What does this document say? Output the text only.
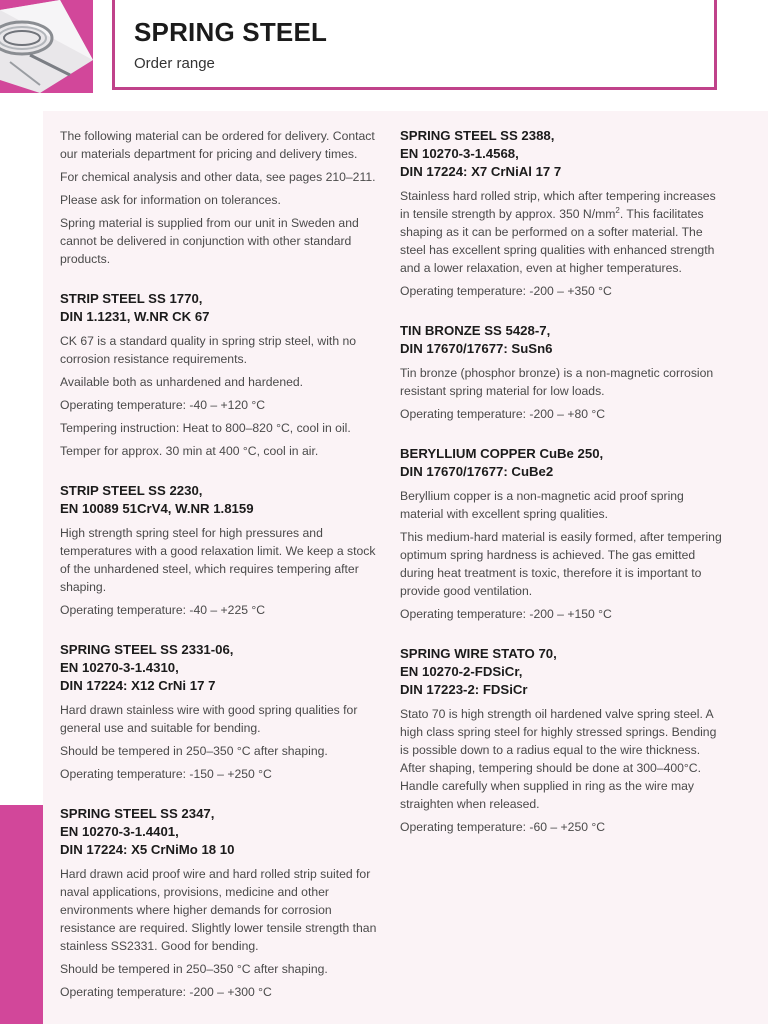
SPRING STEEL
Order range

The following material can be ordered for delivery. Contact our materials department for pricing and delivery times.

For chemical analysis and other data, see pages 210–211.

Please ask for information on tolerances.

Spring material is supplied from our unit in Sweden and cannot be delivered in conjunction with other standard products.

STRIP STEEL SS 1770,
DIN 1.1231, W.NR CK 67

CK 67 is a standard quality in spring strip steel, with no corrosion resistance requirements.

Available both as unhardened and hardened.

Operating temperature: -40 – +120 °C

Tempering instruction: Heat to 800–820 °C, cool in oil.

Temper for approx. 30 min at 400 °C, cool in air.

STRIP STEEL SS 2230,
EN 10089 51CrV4, W.NR 1.8159

High strength spring steel for high pressures and temperatures with a good relaxation limit. We keep a stock of the unhardened steel, which requires tempering after shaping.

Operating temperature: -40 – +225 °C

SPRING STEEL SS 2331-06,
EN 10270-3-1.4310,
DIN 17224: X12 CrNi 17 7

Hard drawn stainless wire with good spring qualities for general use and suitable for bending.

Should be tempered in 250–350 °C after shaping.

Operating temperature: -150 – +250 °C

SPRING STEEL SS 2347,
EN 10270-3-1.4401,
DIN 17224: X5 CrNiMo 18 10

Hard drawn acid proof wire and hard rolled strip suited for naval applications, provisions, medicine and other environments where higher demands for corrosion resistance are required. Slightly lower tensile strength than stainless SS2331. Good for bending.

Should be tempered in 250–350 °C after shaping.

Operating temperature: -200 – +300 °C

SPRING STEEL SS 2388,
EN 10270-3-1.4568,
DIN 17224: X7 CrNiAl 17 7

Stainless hard rolled strip, which after tempering increases in tensile strength by approx. 350 $N/mm^2$. This facilitates shaping as it can be performed on a softer material. The steel has excellent spring qualities with enhanced strength and a lower relaxation, even at higher temperatures.

Operating temperature: -200 – +350 °C

TIN BRONZE SS 5428-7,
DIN 17670/17677: SuSn6

Tin bronze (phosphor bronze) is a non-magnetic corrosion resistant spring material for low loads.

Operating temperature: -200 – +80 °C

BERYLLIUM COPPER CuBe 250,
DIN 17670/17677: CuBe2

Beryllium copper is a non-magnetic acid proof spring material with excellent spring qualities.

This medium-hard material is easily formed, after tempering optimum spring hardness is achieved. The gas emitted during heat treatment is toxic, therefore it is important to provide good ventilation.

Operating temperature: -200 – +150 °C

SPRING WIRE STATO 70,
EN 10270-2-FDSiCr,
DIN 17223-2: FDSiCr

Stato 70 is high strength oil hardened valve spring steel. A high class spring steel for highly stressed springs. Bending is possible down to a radius equal to the wire thickness. After shaping, tempering should be done at 300–400°C. Handle carefully when supplied in ring as the wire may straighten when released.

Operating temperature: -60 – +250 °C
